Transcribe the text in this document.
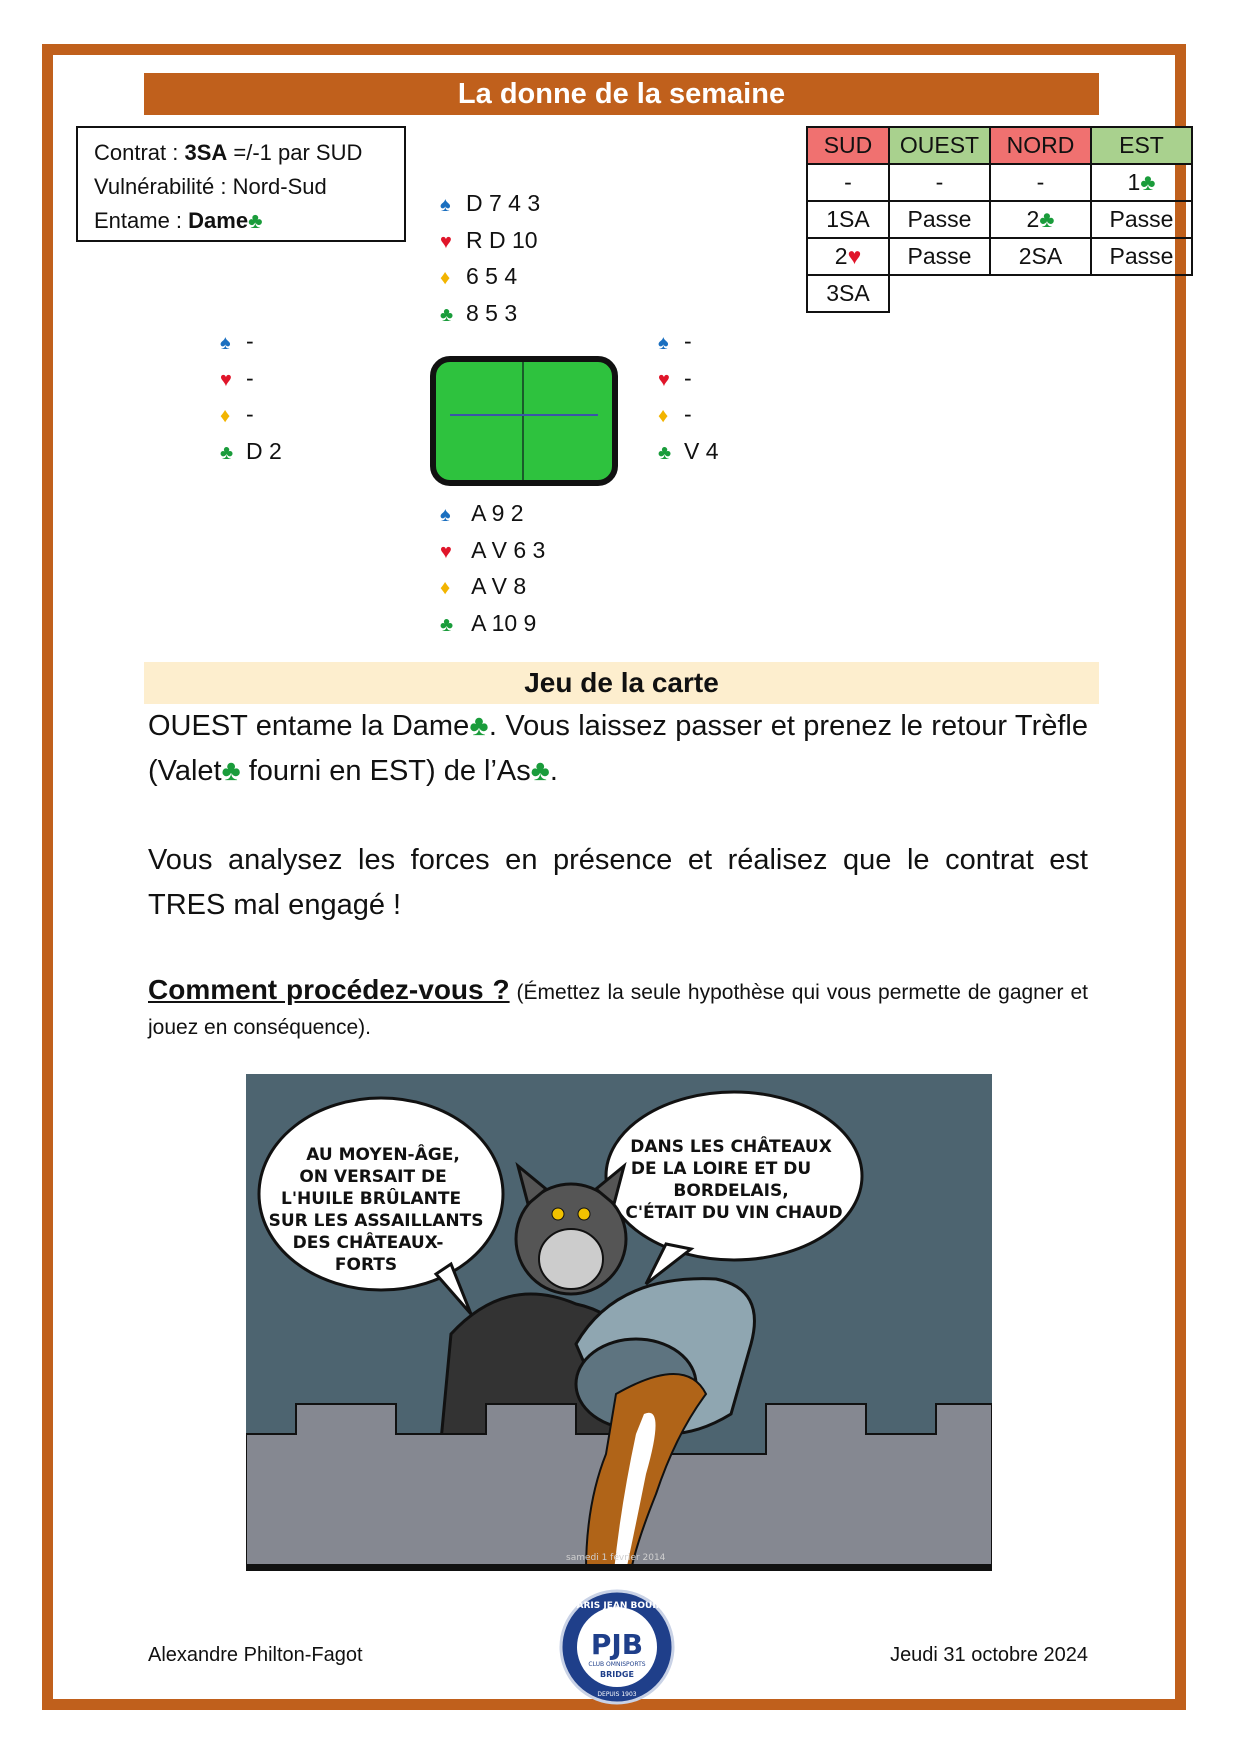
La donne de la semaine
Contrat : 3SA =/-1 par SUD
Vulnérabilité : Nord-Sud
Entame : Dame♣
♠ D 7 4 3
♥ R D 10
♦ 6 5 4
♣ 8 5 3
♠ -
♥ -
♦ -
♣ D 2
♠ -
♥ -
♦ -
♣ V 4
♠ A 9 2
♥ A V 6 3
♦ A V 8
♣ A 10 9
SUD	OUEST	NORD	EST
-	-	-	1♣
1SA	Passe	2♣	Passe
2♥	Passe	2SA	Passe
3SA			
Jeu de la carte
OUEST entame la Dame♣. Vous laissez passer et prenez le retour Trèfle (Valet♣ fourni en EST) de l’As♣.
Vous analysez les forces en présence et réalisez que le contrat est TRES mal engagé !
Comment procédez-vous ? (Émettez la seule hypothèse qui vous permette de gagner et jouez en conséquence).
AU MOYEN-ÂGE, ON VERSAIT DE L'HUILE BRÛLANTE SUR LES ASSAILLANTS DES CHÂTEAUX- FORTS
DANS LES CHÂTEAUX DE LA LOIRE ET DU BORDELAIS, C'ÉTAIT DU VIN CHAUD
samedi 1 février 2014
Alexandre Philton-Fagot
PARIS JEAN BOUIN
PJB
CLUB OMNISPORTS
BRIDGE
DEPUIS 1903
Jeudi 31 octobre 2024
